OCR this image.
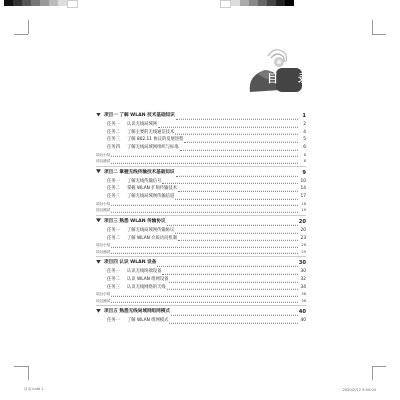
目 录
项目一 了解 WLAN 技术基础知识	1
任务一 认识无线局域网	2
任务二 了解主要的无线通信技术	4
任务三 了解 802.11 协议的发展进程	5
任务四 了解无线局域网组织与标准	6
项目小结	8
项目测试	8
项目二 掌握无线传输技术基础知识	9
任务一 了解无线传输信号	10
任务二 掌握 WLAN 扩频传输技术	14
任务三 了解无线局域网传输信道	17
项目小结	18
项目测试	19
项目三 熟悉 WLAN 传输协议	20
任务一 了解无线局域网传输协议	20
任务二 了解 WLAN 介质访问机制	23
项目小结	28
项目测试	29
项目四 认识 WLAN 设备	30
任务一 认识无线终端设备	30
任务二 认识 WLAN 组网设备	32
任务三 认识无线网络的天线	34
项目小结	38
项目测试	38
项目五 熟悉无线局域网组网模式	40
任务一 了解 WLAN 组网模式	40
目录.indd 1	2020/2/12 9:00:04
